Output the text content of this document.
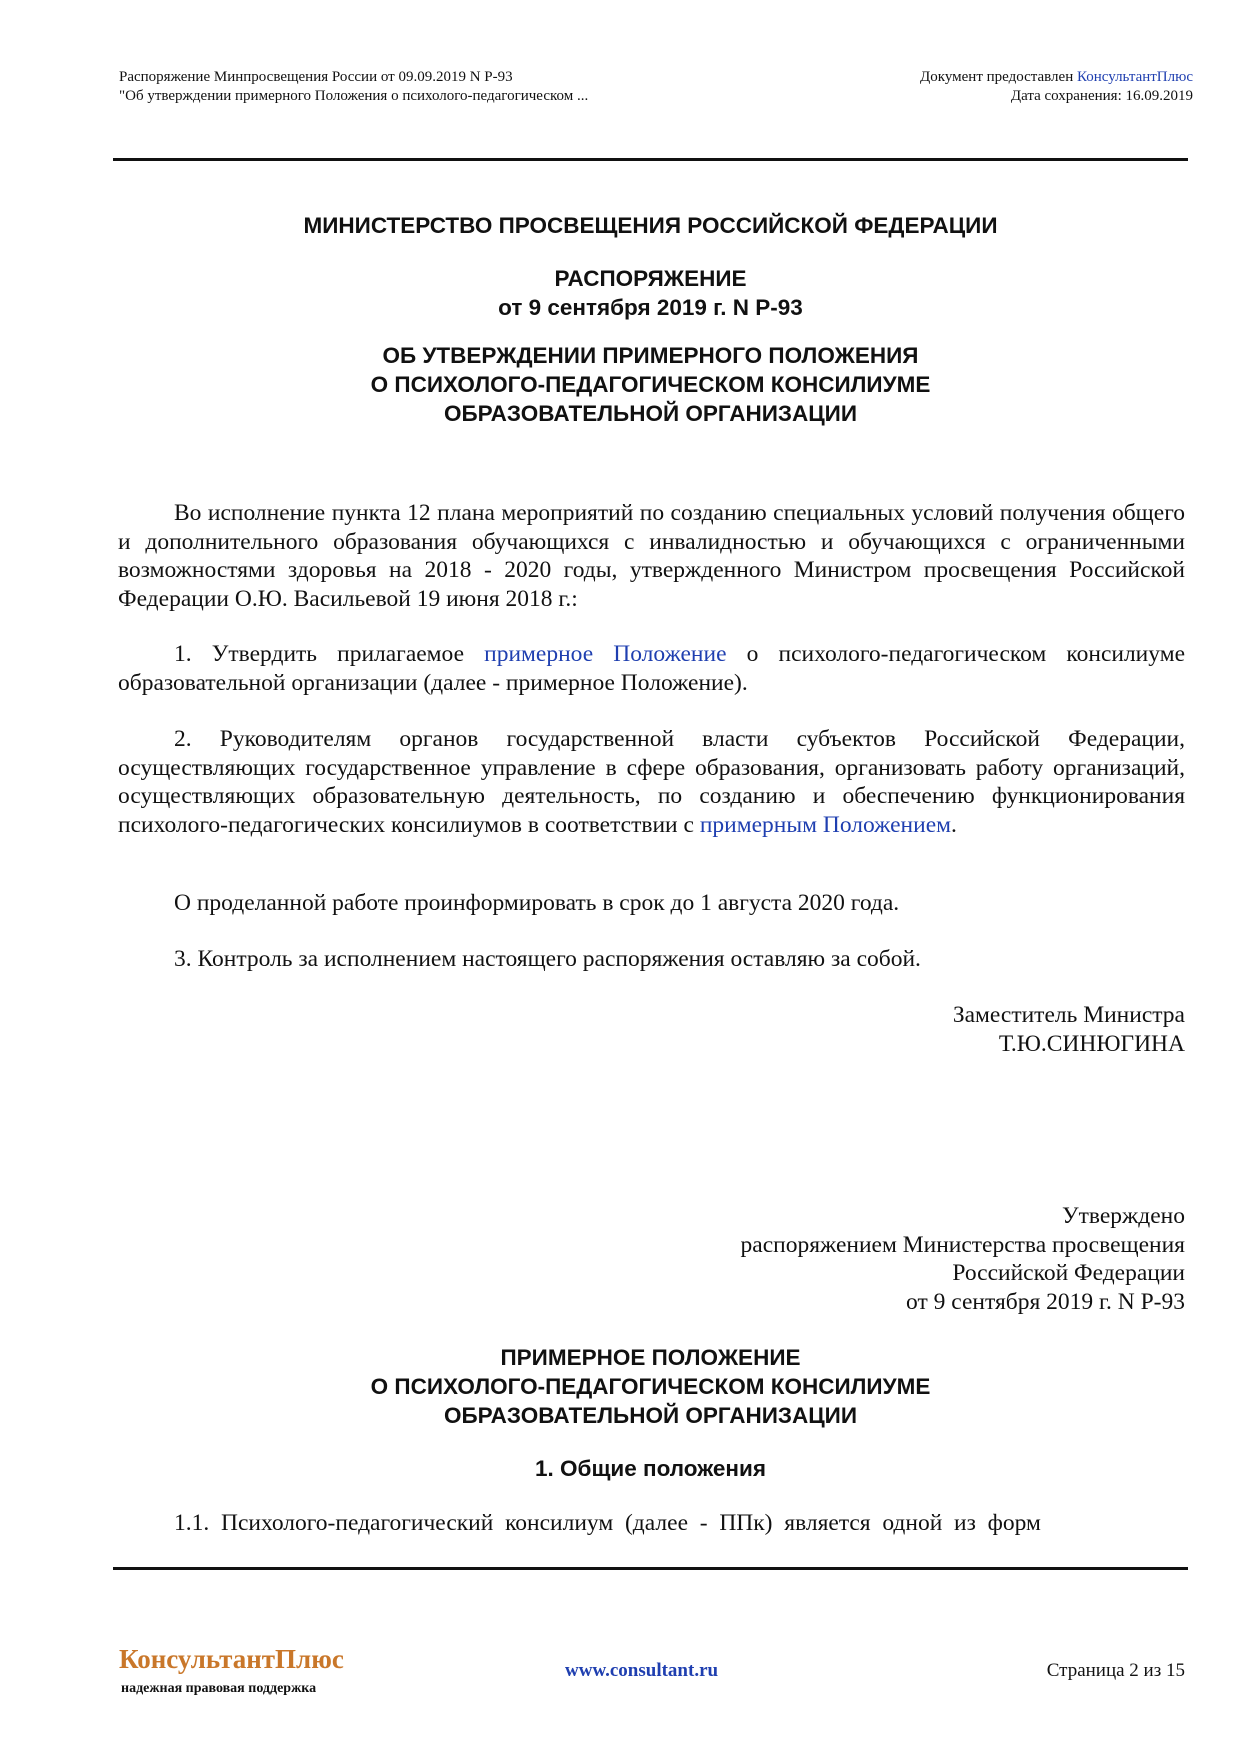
Распоряжение Минпросвещения России от 09.09.2019 N Р-93
"Об утверждении примерного Положения о психолого-педагогическом ...
Документ предоставлен КонсультантПлюс
Дата сохранения: 16.09.2019
МИНИСТЕРСТВО ПРОСВЕЩЕНИЯ РОССИЙСКОЙ ФЕДЕРАЦИИ
РАСПОРЯЖЕНИЕ
от 9 сентября 2019 г. N Р-93
ОБ УТВЕРЖДЕНИИ ПРИМЕРНОГО ПОЛОЖЕНИЯ
О ПСИХОЛОГО-ПЕДАГОГИЧЕСКОМ КОНСИЛИУМЕ
ОБРАЗОВАТЕЛЬНОЙ ОРГАНИЗАЦИИ
Во исполнение пункта 12 плана мероприятий по созданию специальных условий получения общего и дополнительного образования обучающихся с инвалидностью и обучающихся с ограниченными возможностями здоровья на 2018 - 2020 годы, утвержденного Министром просвещения Российской Федерации О.Ю. Васильевой 19 июня 2018 г.:
1. Утвердить прилагаемое примерное Положение о психолого-педагогическом консилиуме образовательной организации (далее - примерное Положение).
2. Руководителям органов государственной власти субъектов Российской Федерации, осуществляющих государственное управление в сфере образования, организовать работу организаций, осуществляющих образовательную деятельность, по созданию и обеспечению функционирования психолого-педагогических консилиумов в соответствии с примерным Положением.
О проделанной работе проинформировать в срок до 1 августа 2020 года.
3. Контроль за исполнением настоящего распоряжения оставляю за собой.
Заместитель Министра
Т.Ю.СИНЮГИНА
Утверждено
распоряжением Министерства просвещения
Российской Федерации
от 9 сентября 2019 г. N Р-93
ПРИМЕРНОЕ ПОЛОЖЕНИЕ
О ПСИХОЛОГО-ПЕДАГОГИЧЕСКОМ КОНСИЛИУМЕ
ОБРАЗОВАТЕЛЬНОЙ ОРГАНИЗАЦИИ
1. Общие положения
1.1.  Психолого-педагогический  консилиум  (далее  -  ППк)  является  одной  из  форм
КонсультантПлюс
надежная правовая поддержка
www.consultant.ru	Страница 2 из 15
